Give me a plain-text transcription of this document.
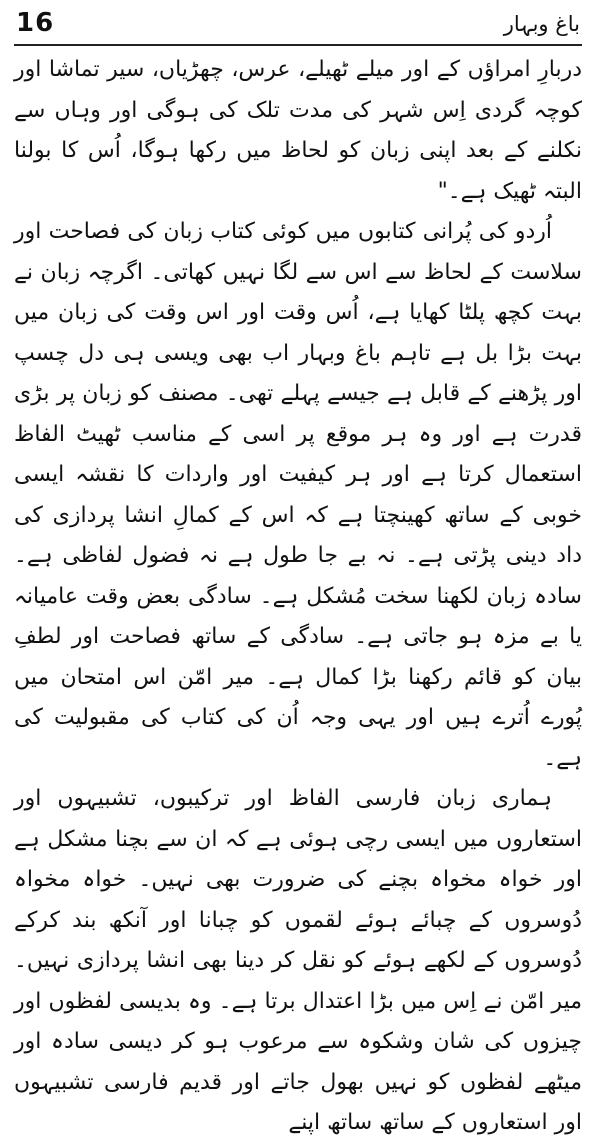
16	باغ وبہار

دربارِ امراؤں کے اور میلے ٹھیلے، عرس، چھڑیاں، سیر تماشا اور کوچہ گردی اِس شہر کی مدت تلک کی ہوگی اور وہاں سے نکلنے کے بعد اپنی زبان کو لحاظ میں رکھا ہوگا، اُس کا بولنا البتہ ٹھیک ہے۔"

اُردو کی پُرانی کتابوں میں کوئی کتاب زبان کی فصاحت اور سلاست کے لحاظ سے اس سے لگا نہیں کھاتی۔ اگرچہ زبان نے بہت کچھ پلٹا کھایا ہے، اُس وقت اور اس وقت کی زبان میں بہت بڑا بل ہے تاہم باغ وبہار اب بھی ویسی ہی دل چسپ اور پڑھنے کے قابل ہے جیسے پہلے تھی۔ مصنف کو زبان پر بڑی قدرت ہے اور وہ ہر موقع پر اسی کے مناسب ٹھیٹ الفاظ استعمال کرتا ہے اور ہر کیفیت اور واردات کا نقشہ ایسی خوبی کے ساتھ کھینچتا ہے کہ اس کے کمالِ انشا پردازی کی داد دینی پڑتی ہے۔ نہ بے جا طول ہے نہ فضول لفاظی ہے۔ سادہ زبان لکھنا سخت مُشکل ہے۔ سادگی بعض وقت عامیانہ یا بے مزہ ہو جاتی ہے۔ سادگی کے ساتھ فصاحت اور لطفِ بیان کو قائم رکھنا بڑا کمال ہے۔ میر امّن اس امتحان میں پُورے اُترے ہیں اور یہی وجہ اُن کی کتاب کی مقبولیت کی ہے۔

ہماری زبان فارسی الفاظ اور ترکیبوں، تشبیہوں اور استعاروں میں ایسی رچی ہوئی ہے کہ ان سے بچنا مشکل ہے اور خواہ مخواہ بچنے کی ضرورت بھی نہیں۔ خواہ مخواہ دُوسروں کے چبائے ہوئے لقموں کو چبانا اور آنکھ بند کرکے دُوسروں کے لکھے ہوئے کو نقل کر دینا بھی انشا پردازی نہیں۔ میر امّن نے اِس میں بڑا اعتدال برتا ہے۔ وہ بدیسی لفظوں اور چیزوں کی شان وشکوہ سے مرعوب ہو کر دیسی سادہ اور میٹھے لفظوں کو نہیں بھول جاتے اور قدیم فارسی تشبیہوں اور استعاروں کے ساتھ ساتھ اپنے
